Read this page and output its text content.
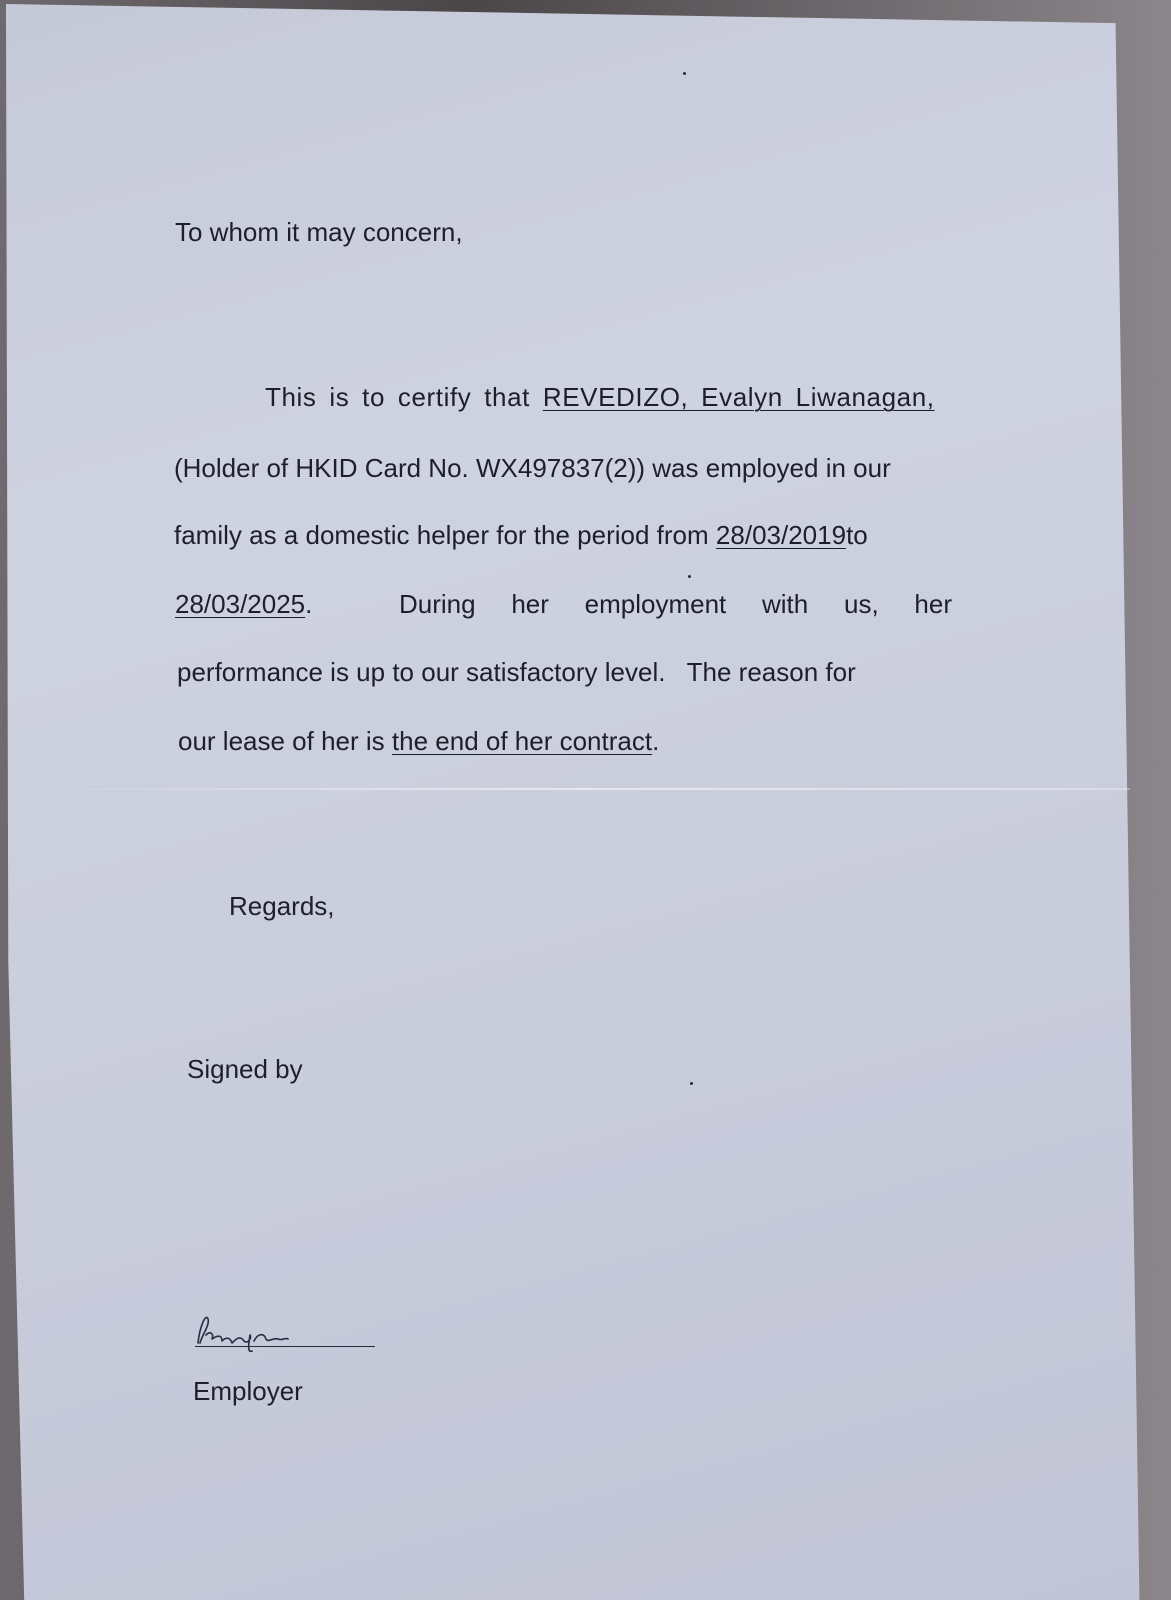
To whom it may concern,
This is to certify that REVEDIZO, Evalyn Liwanagan,
(Holder of HKID Card No. WX497837(2)) was employed in our
family as a domestic helper for the period from 28/03/2019to
28/03/2025.	During her employment with us, her
performance is up to our satisfactory level.   The reason for
our lease of her is the end of her contract.
Regards,
Signed by
Employer
